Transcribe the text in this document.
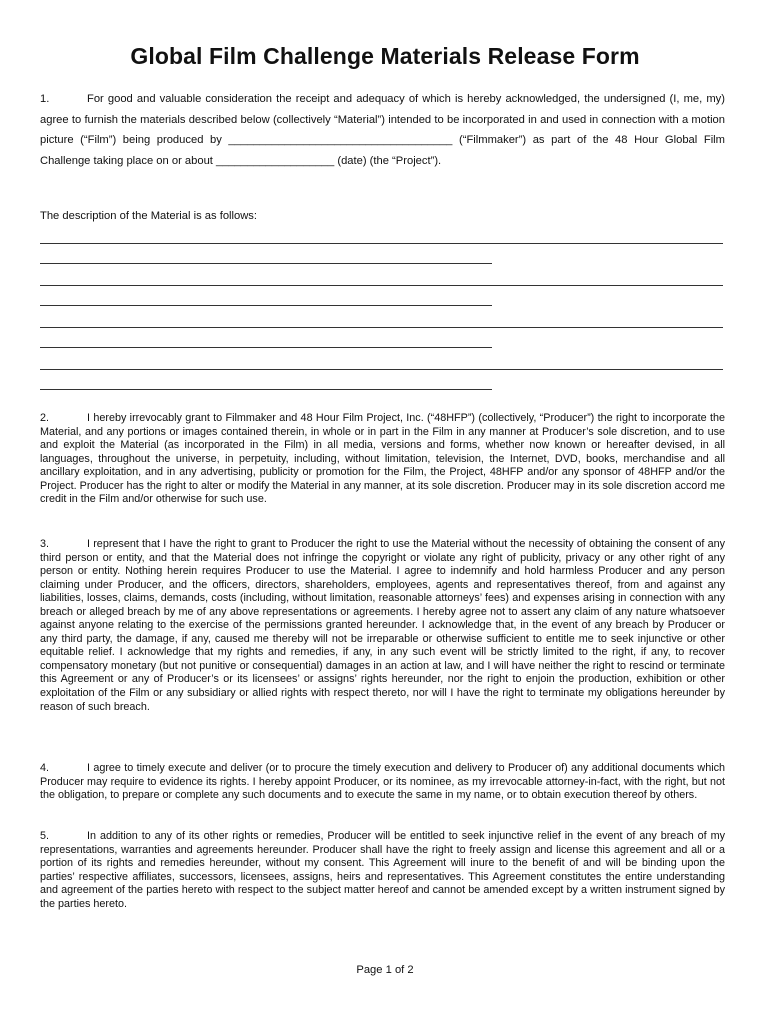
Global Film Challenge Materials Release Form
1.	For good and valuable consideration the receipt and adequacy of which is hereby acknowledged, the undersigned (I, me, my) agree to furnish the materials described below (collectively “Material”) intended to be incorporated in and used in connection with a motion picture (“Film”) being produced by ____________________________________ (“Filmmaker”) as part of the 48 Hour Global Film Challenge taking place on or about ___________________ (date) (the “Project”).
The description of the Material is as follows:
2.	I hereby irrevocably grant to Filmmaker and 48 Hour Film Project, Inc. (“48HFP”) (collectively, “Producer”) the right to incorporate the Material, and any portions or images contained therein, in whole or in part in the Film in any manner at Producer’s sole discretion, and to use and exploit the Material (as incorporated in the Film) in all media, versions and forms, whether now known or hereafter devised, in all languages, throughout the universe, in perpetuity, including, without limitation, television, the Internet, DVD, books, merchandise and all ancillary exploitation, and in any advertising, publicity or promotion for the Film, the Project, 48HFP and/or any sponsor of 48HFP and/or the Project. Producer has the right to alter or modify the Material in any manner, at its sole discretion. Producer may in its sole discretion accord me credit in the Film and/or otherwise for such use.
3.	I represent that I have the right to grant to Producer the right to use the Material without the necessity of obtaining the consent of any third person or entity, and that the Material does not infringe the copyright or violate any right of publicity, privacy or any other right of any person or entity. Nothing herein requires Producer to use the Material. I agree to indemnify and hold harmless Producer and any person claiming under Producer, and the officers, directors, shareholders, employees, agents and representatives thereof, from and against any liabilities, losses, claims, demands, costs (including, without limitation, reasonable attorneys’ fees) and expenses arising in connection with any breach or alleged breach by me of any above representations or agreements. I hereby agree not to assert any claim of any nature whatsoever against anyone relating to the exercise of the permissions granted hereunder. I acknowledge that, in the event of any breach by Producer or any third party, the damage, if any, caused me thereby will not be irreparable or otherwise sufficient to entitle me to seek injunctive or other equitable relief. I acknowledge that my rights and remedies, if any, in any such event will be strictly limited to the right, if any, to recover compensatory monetary (but not punitive or consequential) damages in an action at law, and I will have neither the right to rescind or terminate this Agreement or any of Producer’s or its licensees’ or assigns’ rights hereunder, nor the right to enjoin the production, exhibition or other exploitation of the Film or any subsidiary or allied rights with respect thereto, nor will I have the right to terminate my obligations hereunder by reason of such breach.
4.	I agree to timely execute and deliver (or to procure the timely execution and delivery to Producer of) any additional documents which Producer may require to evidence its rights. I hereby appoint Producer, or its nominee, as my irrevocable attorney-in-fact, with the right, but not the obligation, to prepare or complete any such documents and to execute the same in my name, or to obtain execution thereof by others.
5.	In addition to any of its other rights or remedies, Producer will be entitled to seek injunctive relief in the event of any breach of my representations, warranties and agreements hereunder. Producer shall have the right to freely assign and license this agreement and all or a portion of its rights and remedies hereunder, without my consent. This Agreement will inure to the benefit of and will be binding upon the parties’ respective affiliates, successors, licensees, assigns, heirs and representatives. This Agreement constitutes the entire understanding and agreement of the parties hereto with respect to the subject matter hereof and cannot be amended except by a written instrument signed by the parties hereto.
Page 1 of 2
